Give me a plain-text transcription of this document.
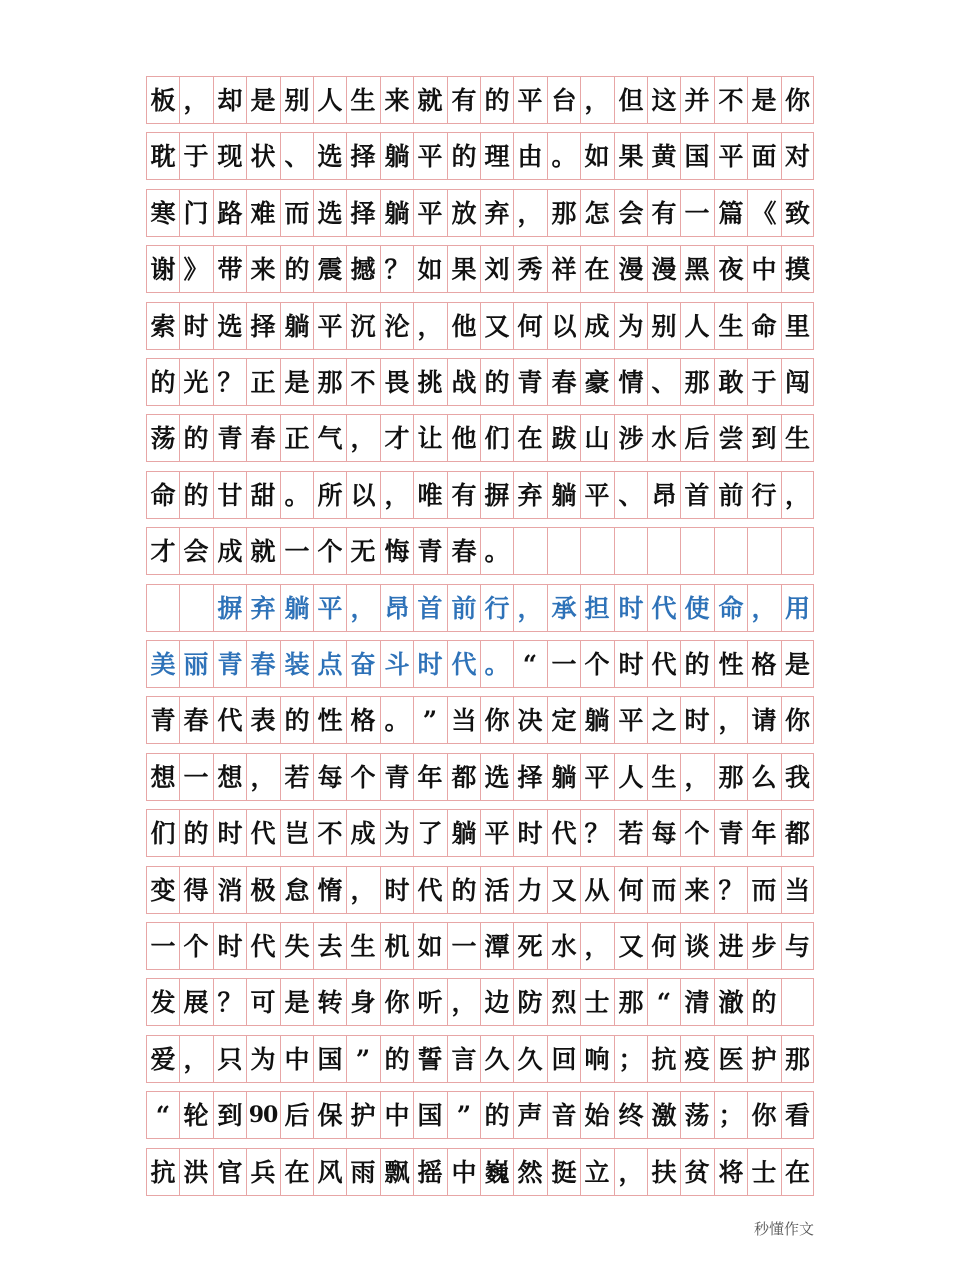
板 ， 却 是 别 人 生 来 就 有 的 平 台 ， 但 这 并 不 是 你
耽 于 现 状 、 选 择 躺 平 的 理 由 。 如 果 黄 国 平 面 对
寒 门 路 难 而 选 择 躺 平 放 弃 ， 那 怎 会 有 一 篇 《 致
谢 》 带 来 的 震 撼 ？ 如 果 刘 秀 祥 在 漫 漫 黑 夜 中 摸
索 时 选 择 躺 平 沉 沦 ， 他 又 何 以 成 为 别 人 生 命 里
的 光 ？ 正 是 那 不 畏 挑 战 的 青 春 豪 情 、 那 敢 于 闯
荡 的 青 春 正 气 ， 才 让 他 们 在 跋 山 涉 水 后 尝 到 生
命 的 甘 甜 。 所 以 ， 唯 有 摒 弃 躺 平 、 昂 首 前 行 ，
才 会 成 就 一 个 无 悔 青 春 。
摒 弃 躺 平 ， 昂 首 前 行 ， 承 担 时 代 使 命 ， 用
美 丽 青 春 装 点 奋 斗 时 代 。 “ 一 个 时 代 的 性 格 是
青 春 代 表 的 性 格 。 ” 当 你 决 定 躺 平 之 时 ， 请 你
想 一 想 ， 若 每 个 青 年 都 选 择 躺 平 人 生 ， 那 么 我
们 的 时 代 岂 不 成 为 了 躺 平 时 代 ？ 若 每 个 青 年 都
变 得 消 极 怠 惰 ， 时 代 的 活 力 又 从 何 而 来 ？ 而 当
一 个 时 代 失 去 生 机 如 一 潭 死 水 ， 又 何 谈 进 步 与
发 展 ？ 可 是 转 身 你 听 ， 边 防 烈 士 那 “ 清 澈 的
爱 ， 只 为 中 国 ” 的 誓 言 久 久 回 响 ； 抗 疫 医 护 那
“ 轮 到 90 后 保 护 中 国 ” 的 声 音 始 终 激 荡 ； 你 看
抗 洪 官 兵 在 风 雨 飘 摇 中 巍 然 挺 立 ， 扶 贫 将 士 在
秒懂作文
